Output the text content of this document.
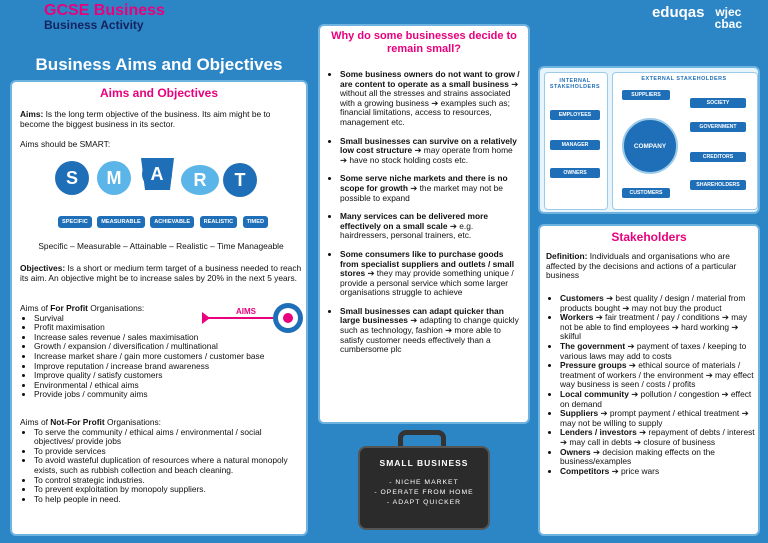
GCSE Business
Business Activity
eduqas wjec
cbac
Business Aims and Objectives
Aims and Objectives
Aims: Is the long term objective of the business. Its aim might be to become the biggest business in its sector.
Aims should be SMART:
S M A R T
SPECIFIC MEASURABLE ACHIEVABLE REALISTIC TIMED
Specific – Measurable – Attainable – Realistic – Time Manageable
Objectives: Is a short or medium term target of a business needed to reach its aim. An objective might be to increase sales by 20% in the next 5 years.
AIMS
Aims of For Profit Organisations:
• Survival
• Profit maximisation
• Increase sales revenue / sales maximisation
• Growth / expansion / diversification / multinational
• Increase market share / gain more customers / customer base
• Improve reputation / increase brand awareness
• Improve quality / satisfy customers
• Environmental / ethical aims
• Provide jobs / community aims
Aims of Not-For Profit Organisations:
• To serve the community / ethical aims / environmental / social objectives/ provide jobs
• To provide services
• To avoid wasteful duplication of resources where a natural monopoly exists, such as rubbish collection and beach cleaning.
• To control strategic industries.
• To prevent exploitation by monopoly suppliers.
• To help people in need.
Why do some businesses decide to remain small?
• Some business owners do not want to grow / are content to operate as a small business ➔ without all the stresses and strains associated with a growing business ➔ examples such as; financial limitations, access to resources, management etc.
• Small businesses can survive on a relatively low cost structure ➔ may operate from home ➔ have no stock holding costs etc.
• Some serve niche markets and there is no scope for growth ➔ the market may not be possible to expand
• Many services can be delivered more effectively on a small scale ➔ e.g. hairdressers, personal trainers, etc.
• Some consumers like to purchase goods from specialist suppliers and outlets / small stores ➔ they may provide something unique / provide a personal service which some larger organisations struggle to achieve
• Small businesses can adapt quicker than large businesses ➔ adapting to change quickly such as technology, fashion ➔ more able to satisfy customer needs effectively than a cumbersome plc
SMALL BUSINESS
- NICHE MARKET
- OPERATE FROM HOME
- ADAPT QUICKER
INTERNAL STAKEHOLDERS
EXTERNAL STAKEHOLDERS
COMPANY
EMPLOYEES
MANAGER
OWNERS
SUPPLIERS
SOCIETY
GOVERNMENT
CREDITORS
SHAREHOLDERS
CUSTOMERS
Stakeholders
Definition: Individuals and organisations who are affected by the decisions and actions of a particular business
• Customers ➔ best quality / design / material from products bought ➔ may not buy the product
• Workers ➔ fair treatment / pay / conditions ➔ may not be able to find employees ➔ hard working ➔ skilful
• The government ➔ payment of taxes / keeping to various laws may add to costs
• Pressure groups ➔ ethical source of materials / treatment of workers / the environment ➔ may effect way business is seen / costs / profits
• Local community ➔ pollution / congestion ➔ effect on demand
• Suppliers ➔ prompt payment / ethical treatment ➔ may not be willing to supply
• Lenders / investors ➔ repayment of debts / interest ➔ may call in debts ➔ closure of business
• Owners ➔ decision making effects on the business/examples
• Competitors ➔ price wars
